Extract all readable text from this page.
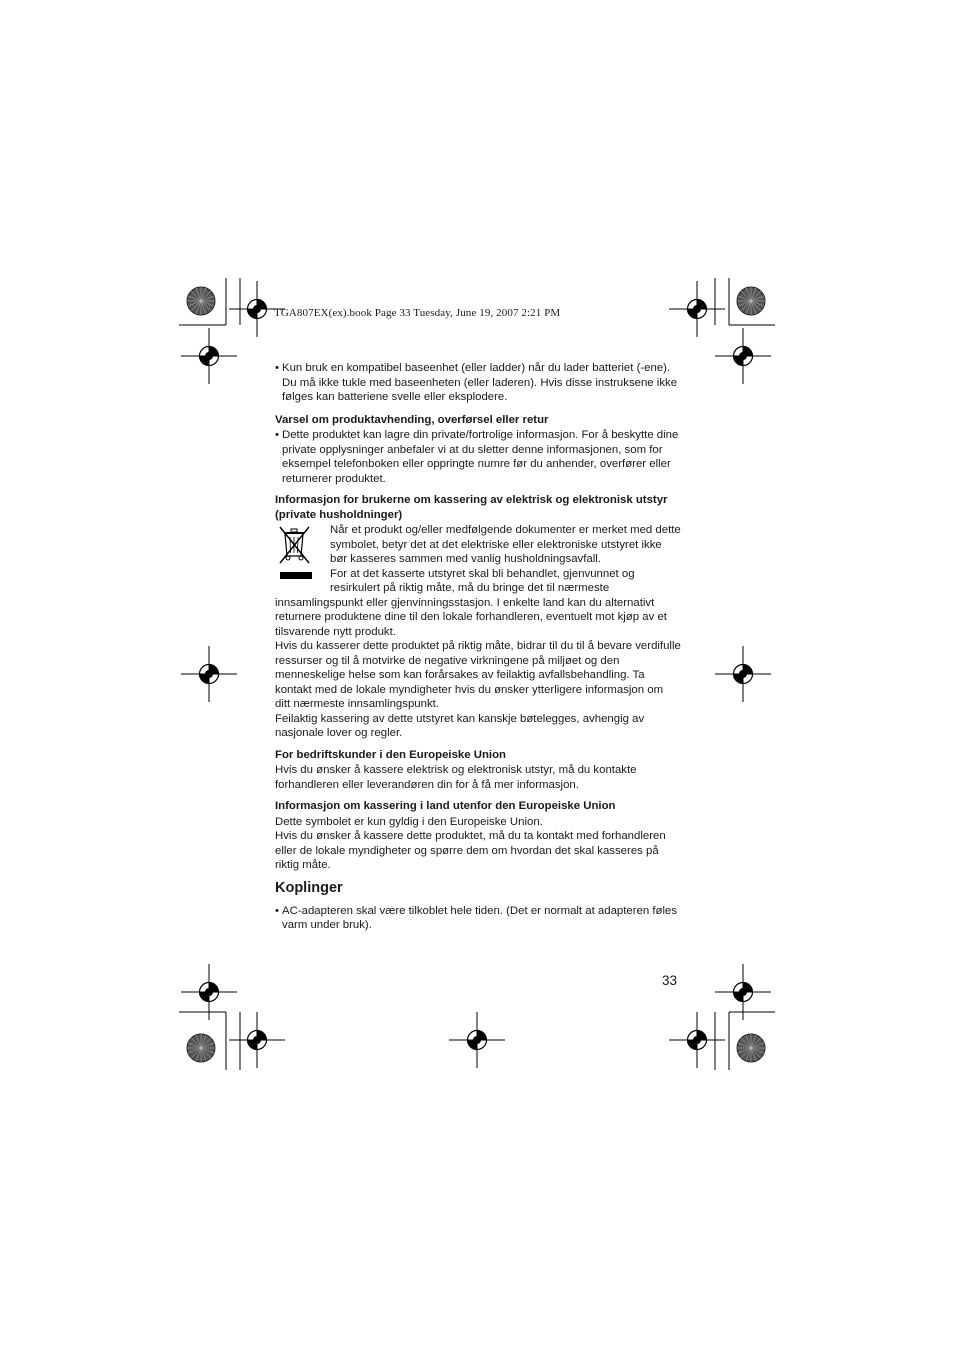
TGA807EX(ex).book Page 33 Tuesday, June 19, 2007 2:21 PM
• Kun bruk en kompatibel baseenhet (eller ladder) når du lader batteriet (-ene). Du må ikke tukle med baseenheten (eller laderen). Hvis disse instruksene ikke følges kan batteriene svelle eller eksplodere.
Varsel om produktavhending, overførsel eller retur
• Dette produktet kan lagre din private/fortrolige informasjon. For å beskytte dine private opplysninger anbefaler vi at du sletter denne informasjonen, som for eksempel telefonboken eller oppringte numre før du anhender, overfører eller returnerer produktet.
Informasjon for brukerne om kassering av elektrisk og elektronisk utstyr (private husholdninger)

Når et produkt og/eller medfølgende dokumenter er merket med dette symbolet, betyr det at det elektriske eller elektroniske utstyret ikke bør kasseres sammen med vanlig husholdningsavfall.

For at det kasserte utstyret skal bli behandlet, gjenvunnet og resirkulert på riktig måte, må du bringe det til nærmeste

innsamlingspunkt eller gjenvinningsstasjon. I enkelte land kan du alternativt returnere produktene dine til den lokale forhandleren, eventuelt mot kjøp av et tilsvarende nytt produkt.

Hvis du kasserer dette produktet på riktig måte, bidrar til du til å bevare verdifulle ressurser og til å motvirke de negative virkningene på miljøet og den menneskelige helse som kan forårsakes av feilaktig avfallsbehandling. Ta kontakt med de lokale myndigheter hvis du ønsker ytterligere informasjon om ditt nærmeste innsamlingspunkt.

Feilaktig kassering av dette utstyret kan kanskje bøtelegges, avhengig av nasjonale lover og regler.

For bedriftskunder i den Europeiske Union

Hvis du ønsker å kassere elektrisk og elektronisk utstyr, må du kontakte forhandleren eller leverandøren din for å få mer informasjon.

Informasjon om kassering i land utenfor den Europeiske Union

Dette symbolet er kun gyldig i den Europeiske Union.

Hvis du ønsker å kassere dette produktet, må du ta kontakt med forhandleren eller de lokale myndigheter og spørre dem om hvordan det skal kasseres på riktig måte.

Koplinger
• AC-adapteren skal være tilkoblet hele tiden. (Det er normalt at adapteren føles varm under bruk).
33
